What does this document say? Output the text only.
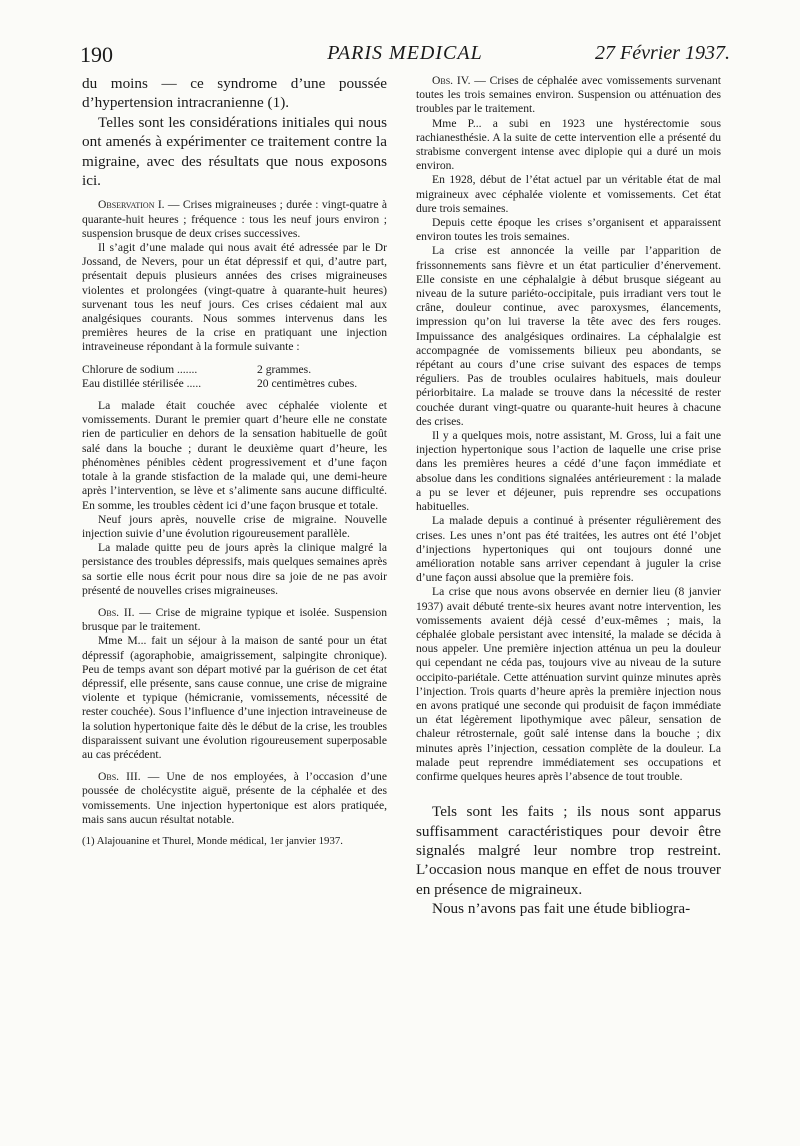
190	PARIS MEDICAL	27 Février 1937.

du moins — ce syndrome d’une poussée d’hypertension intracranienne (1).

Telles sont les considérations initiales qui nous ont amenés à expérimenter ce traitement contre la migraine, avec des résultats que nous exposons ici.

Observation I. — Crises migraineuses ; durée : vingt-quatre à quarante-huit heures ; fréquence : tous les neuf jours environ ; suspension brusque de deux crises successives.

Il s’agit d’une malade qui nous avait été adressée par le Dr Jossand, de Nevers, pour un état dépressif et qui, d’autre part, présentait depuis plusieurs années des crises migraineuses violentes et prolongées (vingt-quatre à quarante-huit heures) survenant tous les neuf jours. Ces crises cédaient mal aux analgésiques courants. Nous sommes intervenus dans les premières heures de la crise en pratiquant une injection intraveineuse répondant à la formule suivante :

Chlorure de sodium .......	2 grammes.
Eau distillée stérilisée .....	20 centimètres cubes.

La malade était couchée avec céphalée violente et vomissements. Durant le premier quart d’heure elle ne constate rien de particulier en dehors de la sensation habituelle de goût salé dans la bouche ; durant le deuxième quart d’heure, les phénomènes pénibles cèdent progressivement et d’une façon totale à la grande stisfaction de la malade qui, une demi-heure après l’intervention, se lève et s’alimente sans aucune difficulté. En somme, les troubles cèdent ici d’une façon brusque et totale.

Neuf jours après, nouvelle crise de migraine. Nouvelle injection suivie d’une évolution rigoureusement parallèle.

La malade quitte peu de jours après la clinique malgré la persistance des troubles dépressifs, mais quelques semaines après sa sortie elle nous écrit pour nous dire sa joie de ne pas avoir présenté de nouvelles crises migraineuses.

Obs. II. — Crise de migraine typique et isolée. Suspension brusque par le traitement.

Mme M... fait un séjour à la maison de santé pour un état dépressif (agoraphobie, amaigrissement, salpingite chronique). Peu de temps avant son départ motivé par la guérison de cet état dépressif, elle présente, sans cause connue, une crise de migraine violente et typique (hémicranie, vomissements, nécessité de rester couchée). Sous l’influence d’une injection intraveineuse de la solution hypertonique faite dès le début de la crise, les troubles disparaissent suivant une évolution rigoureusement superposable au cas précédent.

Obs. III. — Une de nos employées, à l’occasion d’une poussée de cholécystite aiguë, présente de la céphalée et des vomissements. Une injection hypertonique est alors pratiquée, mais sans aucun résultat notable.

(1) Alajouanine et Thurel, Monde médical, 1er janvier 1937.

Obs. IV. — Crises de céphalée avec vomissements survenant toutes les trois semaines environ. Suspension ou atténuation des troubles par le traitement.

Mme P... a subi en 1923 une hystérectomie sous rachianesthésie. A la suite de cette intervention elle a présenté du strabisme convergent intense avec diplopie qui a duré un mois environ.

En 1928, début de l’état actuel par un véritable état de mal migraineux avec céphalée violente et vomissements. Cet état dure trois semaines.

Depuis cette époque les crises s’organisent et apparaissent environ toutes les trois semaines.

La crise est annoncée la veille par l’apparition de frissonnements sans fièvre et un état particulier d’énervement. Elle consiste en une céphalalgie à début brusque siégeant au niveau de la suture pariéto-occipitale, puis irradiant vers tout le crâne, douleur continue, avec paroxysmes, élancements, impression qu’on lui traverse la tête avec des fers rouges. Impuissance des analgésiques ordinaires. La céphalalgie est accompagnée de vomissements bilieux peu abondants, se répétant au cours d’une crise suivant des espaces de temps réguliers. Pas de troubles oculaires habituels, mais douleur périorbitaire. La malade se trouve dans la nécessité de rester couchée durant vingt-quatre ou quarante-huit heures à chacune des crises.

Il y a quelques mois, notre assistant, M. Gross, lui a fait une injection hypertonique sous l’action de laquelle une crise prise dans les premières heures a cédé d’une façon immédiate et absolue dans les conditions signalées antérieurement : la malade a pu se lever et déjeuner, puis reprendre ses occupations habituelles.

La malade depuis a continué à présenter régulièrement des crises. Les unes n’ont pas été traitées, les autres ont été l’objet d’injections hypertoniques qui ont toujours donné une amélioration notable sans arriver cependant à juguler la crise d’une façon aussi absolue que la première fois.

La crise que nous avons observée en dernier lieu (8 janvier 1937) avait débuté trente-six heures avant notre intervention, les vomissements avaient déjà cessé d’eux-mêmes ; mais, la céphalée globale persistant avec intensité, la malade se décida à nous appeler. Une première injection atténua un peu la douleur qui cependant ne céda pas, toujours vive au niveau de la suture occipito-pariétale. Cette atténuation survint quinze minutes après l’injection. Trois quarts d’heure après la première injection nous en avons pratiqué une seconde qui produisit de façon immédiate un état légèrement lipothymique avec pâleur, sensation de chaleur rétrosternale, goût salé intense dans la bouche ; dix minutes après l’injection, cessation complète de la douleur. La malade peut reprendre immédiatement ses occupations et confirme quelques heures après l’absence de tout trouble.

Tels sont les faits ; ils nous sont apparus suffisamment caractéristiques pour devoir être signalés malgré leur nombre trop restreint. L’occasion nous manque en effet de nous trouver en présence de migraineux.

Nous n’avons pas fait une étude bibliogra-
